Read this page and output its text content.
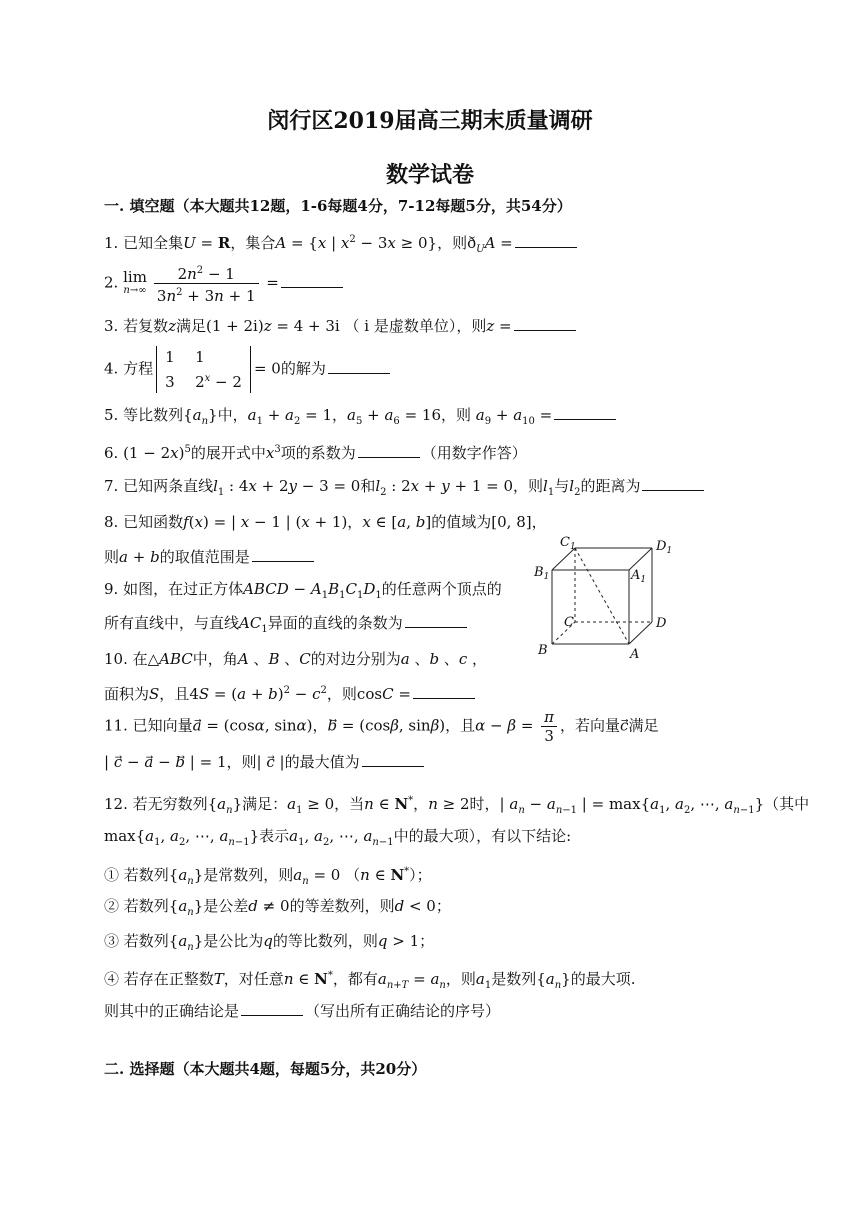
闵行区2019届高三期末质量调研
数学试卷
一. 填空题（本大题共12题，1-6每题4分，7-12每题5分，共54分）
1. 已知全集U = R，集合A = {x | $x^2 - 3x \ge 0$}，则$ð_UA$ =
2. lim
$n\to\infty \frac{2n^2 - 1}{3n^2 + 3n + 1}$ =
3. 若复数z满足(1 + 2i)z = 4 + 3i （ i 是虚数单位），则z =
4. 方程
1 1
3 $2^x - 2$
= 0的解为
5. 等比数列$\{a_n\}$中，$a_1 + a_2 = 1$，$a_5 + a_6 = 16$，则 $a_9 + a_{10}$ =
6. $(1 - 2x)^5$的展开式中$x^3$项的系数为	（用数字作答）
7. 已知两条直线$l_1$ : 4x + 2y − 3 = 0和$l_2$ : 2x + y + 1 = 0，则$l_1$与$l_2$的距离为
8. 已知函数f(x) = | x − 1 | (x + 1)，x ∈ [a, b]的值域为[0, 8]，
则a + b的取值范围是
9. 如图，在过正方体ABCD − $A_1B_1C_1D_1$的任意两个顶点的
所有直线中，与直线$AC_1$异面的直线的条数为
10. 在△ABC中，角A 、B 、C的对边分别为a 、b 、c ，
面积为S，且$4S = (a + b)^2 - c^2$，则cosC =
11. 已知向量a⃗ = (cosα, sinα)，b⃗ = (cosβ, sinβ)，且$\alpha - \beta = \frac{\pi}{3}$ ，若向量c满足
| c⃗ − a⃗ − b⃗ | = 1，则| c⃗ |的最大值为
12. 若无穷数列$\{a_n\}$满足：$a_1 \ge 0$，当n ∈ N*，n ≥ 2时，| $a_n - a_{n-1}$ | = $\max\{a_1$, $a_2$, ⋯, $a_{n-1}$}（其中
$\max\{a_1$, $a_2$, ⋯, $a_{n-1}$}表示$a_1$, $a_2$, ⋯, $a_{n-1}$中的最大项），有以下结论:
① 若数列$\{a_n\}$是常数列，则$a_n = 0$ （n ∈ N*）；
② 若数列$\{a_n\}$是公差d ≠ 0的等差数列，则d < 0；
③ 若数列$\{a_n\}$是公比为q的等比数列，则q > 1；
④ 若存在正整数T，对任意n ∈ N*，都有$a_{n+T} = a_n$，则$a_1$是数列$\{a_n\}$的最大项.
则其中的正确结论是	（写出所有正确结论的序号）
二. 选择题（本大题共4题，每题5分，共20分）
$C_1$	$D_1$
$B_1$	$A_1$
C	D
B	A
